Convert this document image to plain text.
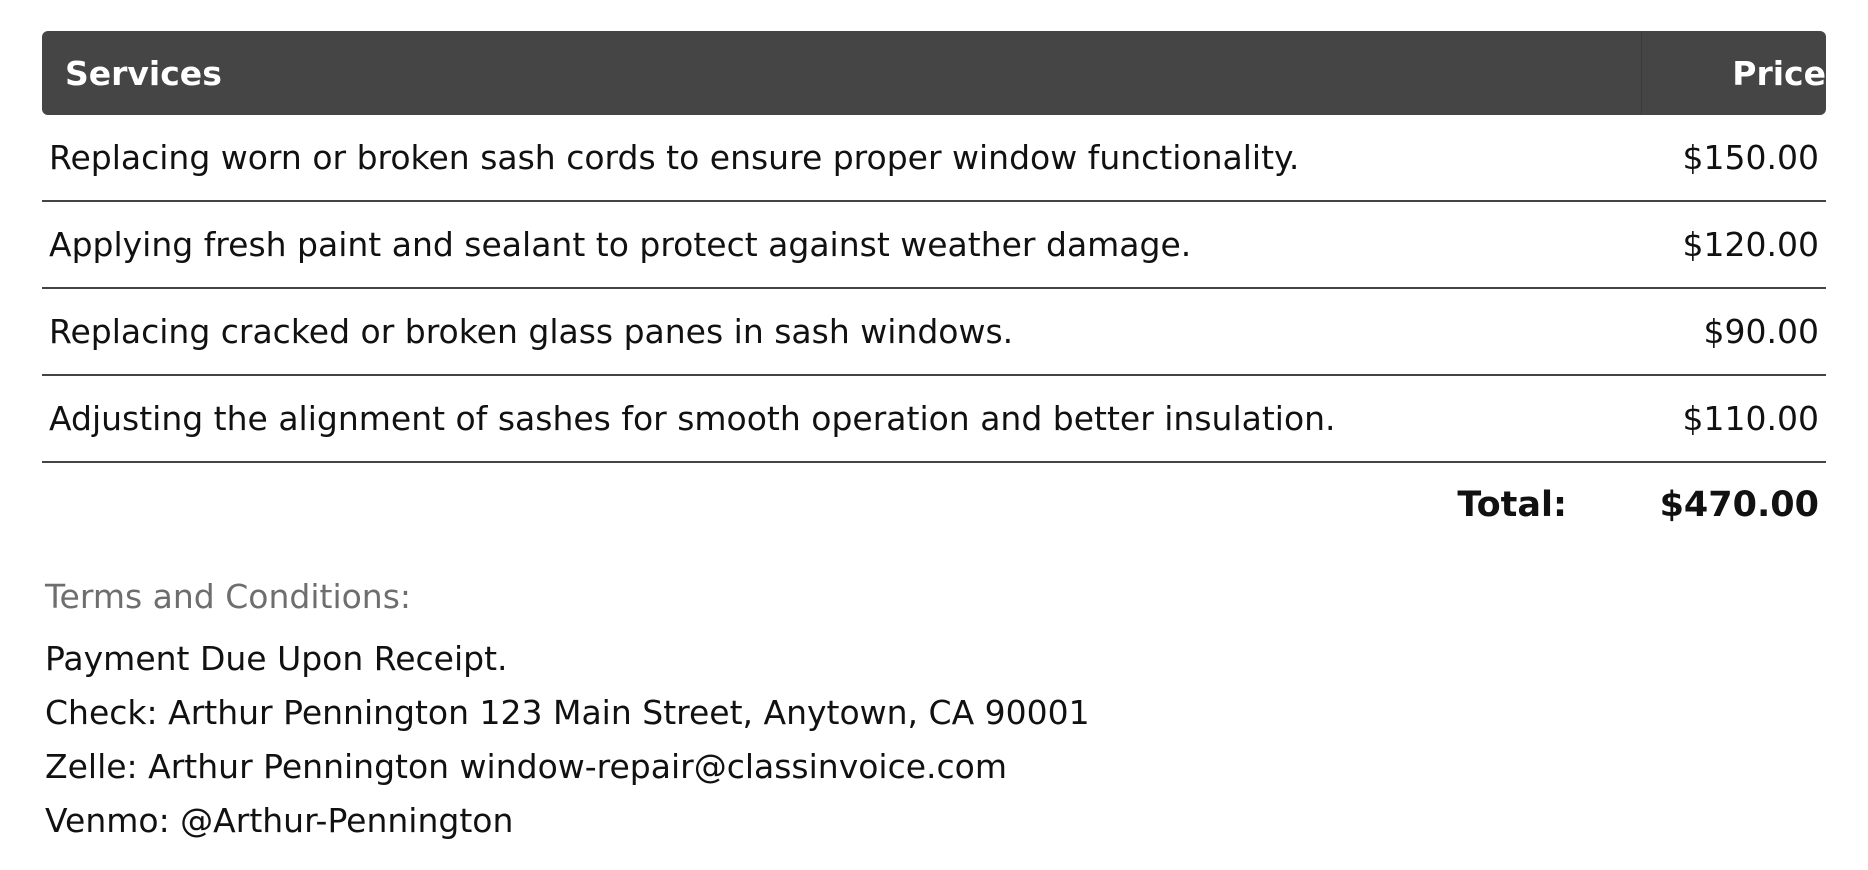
Services	Price
Replacing worn or broken sash cords to ensure proper window functionality.	$150.00
Applying fresh paint and sealant to protect against weather damage.	$120.00
Replacing cracked or broken glass panes in sash windows.	$90.00
Adjusting the alignment of sashes for smooth operation and better insulation.	$110.00
Total:	$470.00
Terms and Conditions:
Payment Due Upon Receipt.
Check: Arthur Pennington 123 Main Street, Anytown, CA 90001
Zelle: Arthur Pennington window-repair@classinvoice.com
Venmo: @Arthur-Pennington
